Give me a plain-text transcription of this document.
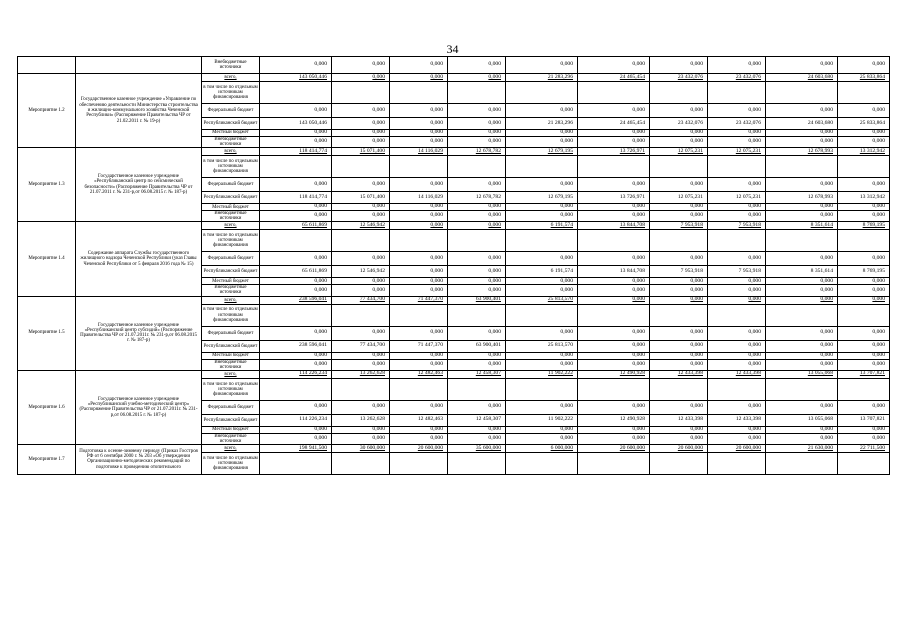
34
		Внебюджетные источники	0,000	0,000	0,000	0,000	0,000	0,000	0,000	0,000	0,000	0,000
Мероприятие 1.2	Государственное казенное учреждение «Управление по обеспечению деятельности Министерства строительства и жилищно-коммунального хозяйства Чеченской Республики» (Распоряжение Правительства ЧР от 21.02.2011 г. № 19-р)	всего,	143 050,446	0,000	0,000	0,000	21 283,296	24 465,454	23 432,076	23 432,076	24 603,680	25 833,864
		в том числе по отдельным источникам финансирования										
		Федеральный бюджет	0,000	0,000	0,000	0,000	0,000	0,000	0,000	0,000	0,000	0,000
		Республиканский бюджет	143 050,446	0,000	0,000	0,000	21 283,296	24 465,454	23 432,076	23 432,076	24 603,680	25 833,864
		Местный бюджет	0,000	0,000	0,000	0,000	0,000	0,000	0,000	0,000	0,000	0,000
		Внебюджетные источники	0,000	0,000	0,000	0,000	0,000	0,000	0,000	0,000	0,000	0,000
Мероприятие 1.3	Государственное казенное учреждение «Республиканский центр по сейсмической безопасности» (Распоряжение Правительства ЧР от 21.07.2011 г. № 231-р,от 06.08.2015 г. № 187-р)	всего,	118 414,774	15 071,400	14 116,029	12 678,782	12 679,195	13 726,971	12 075,231	12 075,231	12 678,993	13 312,942
		в том числе по отдельным источникам финансирования										
		Федеральный бюджет	0,000	0,000	0,000	0,000	0,000	0,000	0,000	0,000	0,000	0,000
		Республиканский бюджет	118 414,774	15 071,400	14 116,029	12 678,782	12 679,195	13 726,971	12 075,231	12 075,231	12 678,993	13 312,942
		Местный бюджет	0,000	0,000	0,000	0,000	0,000	0,000	0,000	0,000	0,000	0,000
		Внебюджетные источники	0,000	0,000	0,000	0,000	0,000	0,000	0,000	0,000	0,000	0,000
Мероприятие 1.4	Содержание аппарата Службы государственного жилищного надзора Чеченской Республики (указ Главы Чеченской Республики от 5 февраля 2016 года № 15)	всего,	65 611,869	12 546,942	0,000	0,000	6 191,574	13 844,708	7 953,918	7 953,918	8 351,614	8 769,195
		в том числе по отдельным источникам финансирования										
		Федеральный бюджет	0,000	0,000	0,000	0,000	0,000	0,000	0,000	0,000	0,000	0,000
		Республиканский бюджет	65 611,869	12 546,942	0,000	0,000	6 191,574	13 844,708	7 953,918	7 953,918	8 351,614	8 769,195
		Местный бюджет	0,000	0,000	0,000	0,000	0,000	0,000	0,000	0,000	0,000	0,000
		Внебюджетные источники	0,000	0,000	0,000	0,000	0,000	0,000	0,000	0,000	0,000	0,000
Мероприятие 1.5	Государственное казенное учреждение «Республиканский центр субсидий» (Распоряжение Правительства ЧР от 21.07.2011г. № 231-р,от 06.08.2015 г. № 187-р)	всего,	238 596,041	77 434,700	71 447,370	63 900,401	25 813,570	0,000	0,000	0,000	0,000	0,000
		в том числе по отдельным источникам финансирования										
		Федеральный бюджет	0,000	0,000	0,000	0,000	0,000	0,000	0,000	0,000	0,000	0,000
		Республиканский бюджет	238 596,041	77 434,700	71 447,370	63 900,401	25 813,570	0,000	0,000	0,000	0,000	0,000
		Местный бюджет	0,000	0,000	0,000	0,000	0,000	0,000	0,000	0,000	0,000	0,000
		Внебюджетные источники	0,000	0,000	0,000	0,000	0,000	0,000	0,000	0,000	0,000	0,000
Мероприятие 1.6	Государственное казенное учреждение «Республиканский учебно-методический центр» (Распоряжение Правительства ЧР от 21.07.2011г. № 231-р,от 06.08.2015 г. № 187-р)	всего,	114 226,234	13 262,628	12 482,463	12 458,307	11 902,222	12 490,928	12 433,398	12 433,398	13 055,068	13 707,821
		в том числе по отдельным источникам финансирования										
		Федеральный бюджет	0,000	0,000	0,000	0,000	0,000	0,000	0,000	0,000	0,000	0,000
		Республиканский бюджет	114 226,234	13 262,628	12 482,463	12 458,307	11 902,222	12 490,928	12 433,398	12 433,398	13 055,068	13 707,821
		Местный бюджет	0,000	0,000	0,000	0,000	0,000	0,000	0,000	0,000	0,000	0,000
		Внебюджетные источники	0,000	0,000	0,000	0,000	0,000	0,000	0,000	0,000	0,000	0,000
Мероприятие 1.7	Подготовка к осенне-зимнему периоду (Приказ Госстроя РФ от 6 сентября 2000 г. № 203 «Об утверждении Организационно-методических рекомендаций по подготовке к проведению отопительного	всего,	198 941,500	30 600,000	20 600,000	35 600,000	6 000,000	20 600,000	20 600,000	20 600,000	21 630,000	22 711,500
		в том числе по отдельным источникам финансирования										
